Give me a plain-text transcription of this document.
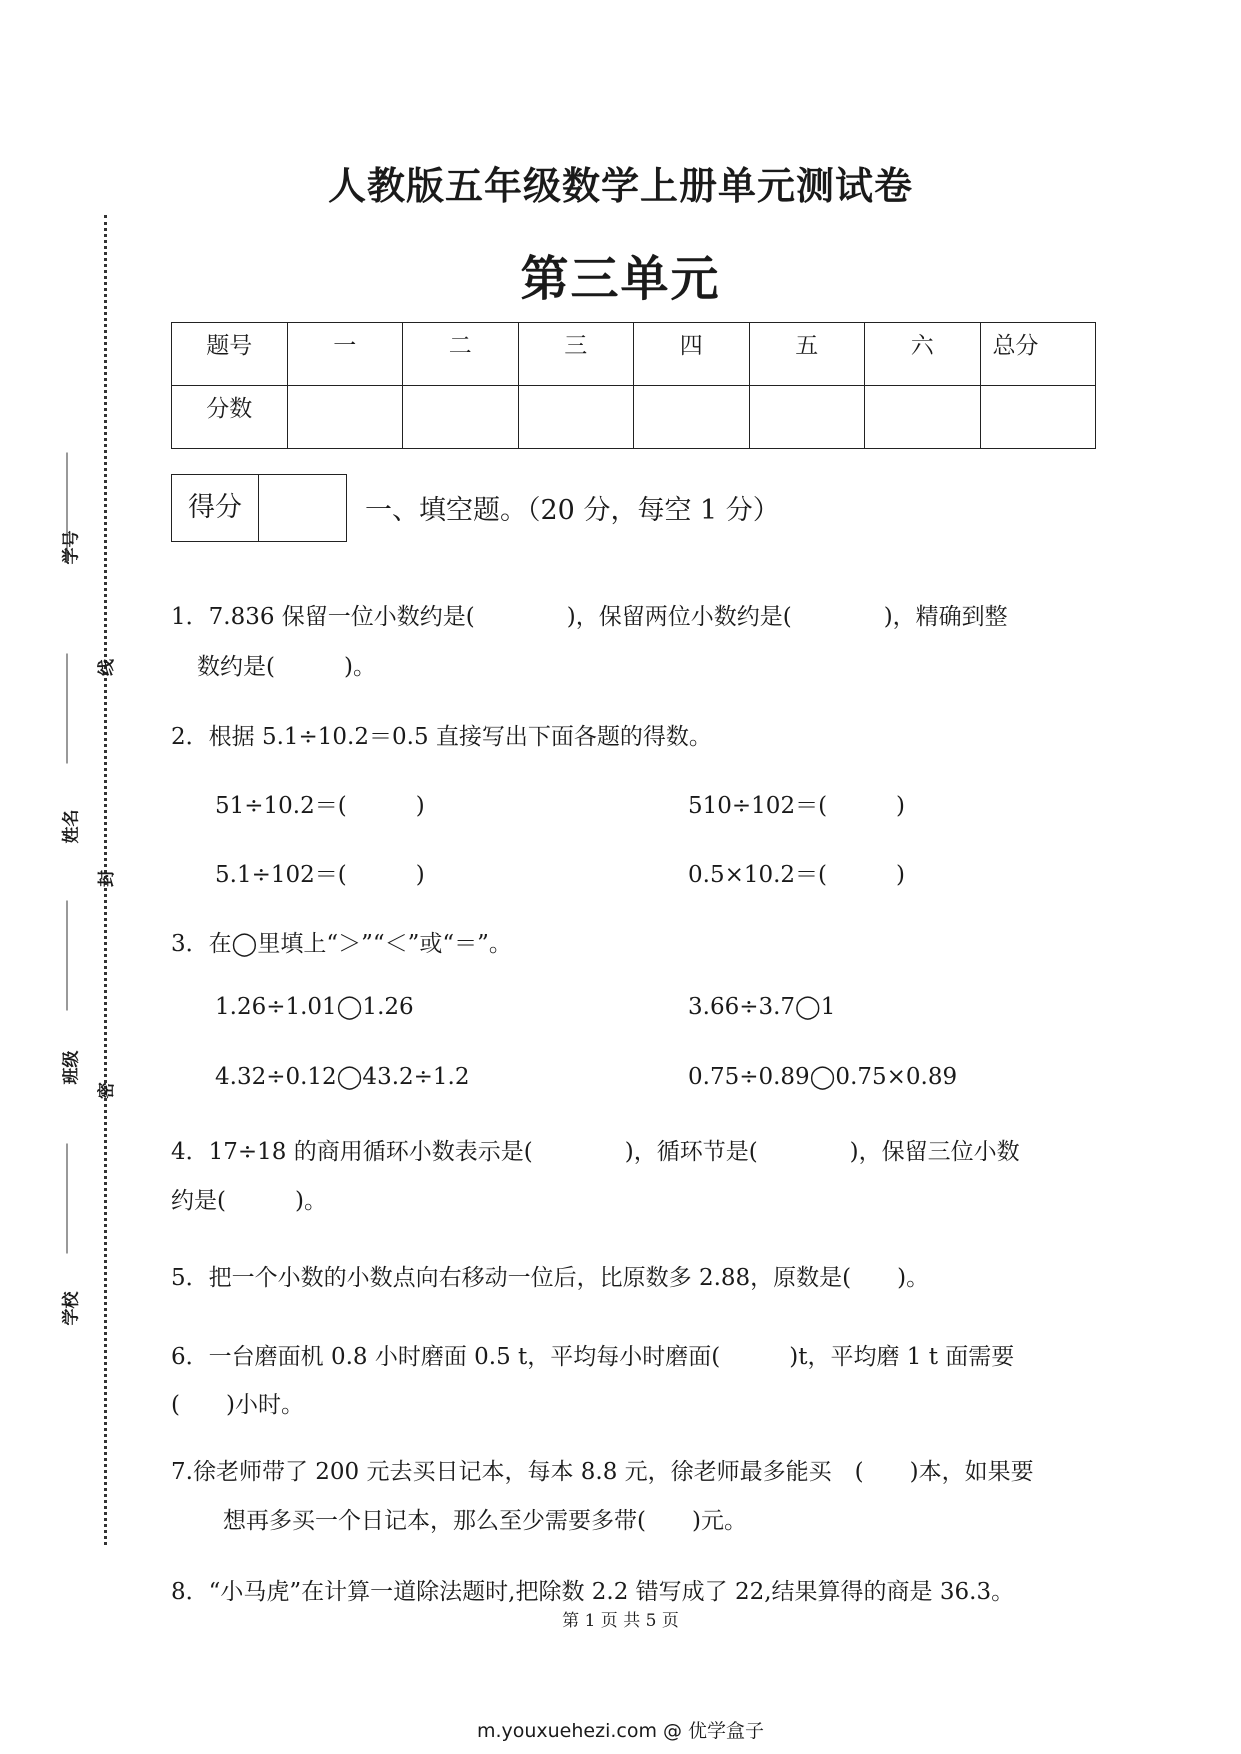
学号
姓名
班级
学校
线
封
密
人教版五年级数学上册单元测试卷
第三单元
题号	一	二	三	四	五	六	总分
分数							
得分	一、填空题。（20 分，每空 1 分）
1．7.836 保留一位小数约是(　　　　)，保留两位小数约是(　　　　)，精确到整
数约是(　　　)。
2．根据 5.1÷10.2＝0.5 直接写出下面各题的得数。
51÷10.2＝(　　　)	510÷102＝(　　　)
5.1÷102＝(　　　)	0.5×10.2＝(　　　)
3．在◯里填上“＞”“＜”或“＝”。
1.26÷1.01◯1.26	3.66÷3.7◯1
4.32÷0.12◯43.2÷1.2	0.75÷0.89◯0.75×0.89
4．17÷18 的商用循环小数表示是(　　　　)，循环节是(　　　　)，保留三位小数
约是(　　　)。
5．把一个小数的小数点向右移动一位后，比原数多 2.88，原数是(　　)。
6．一台磨面机 0.8 小时磨面 0.5 t，平均每小时磨面(　　　)t，平均磨 1 t 面需要
(　　)小时。
7.徐老师带了 200 元去买日记本，每本 8.8 元，徐老师最多能买　(　　)本，如果要
想再多买一个日记本，那么至少需要多带(　　)元。
8．“小马虎”在计算一道除法题时,把除数 2.2 错写成了 22,结果算得的商是 36.3。
第 1 页 共 5 页
m.youxuehezi.com @ 优学盒子
